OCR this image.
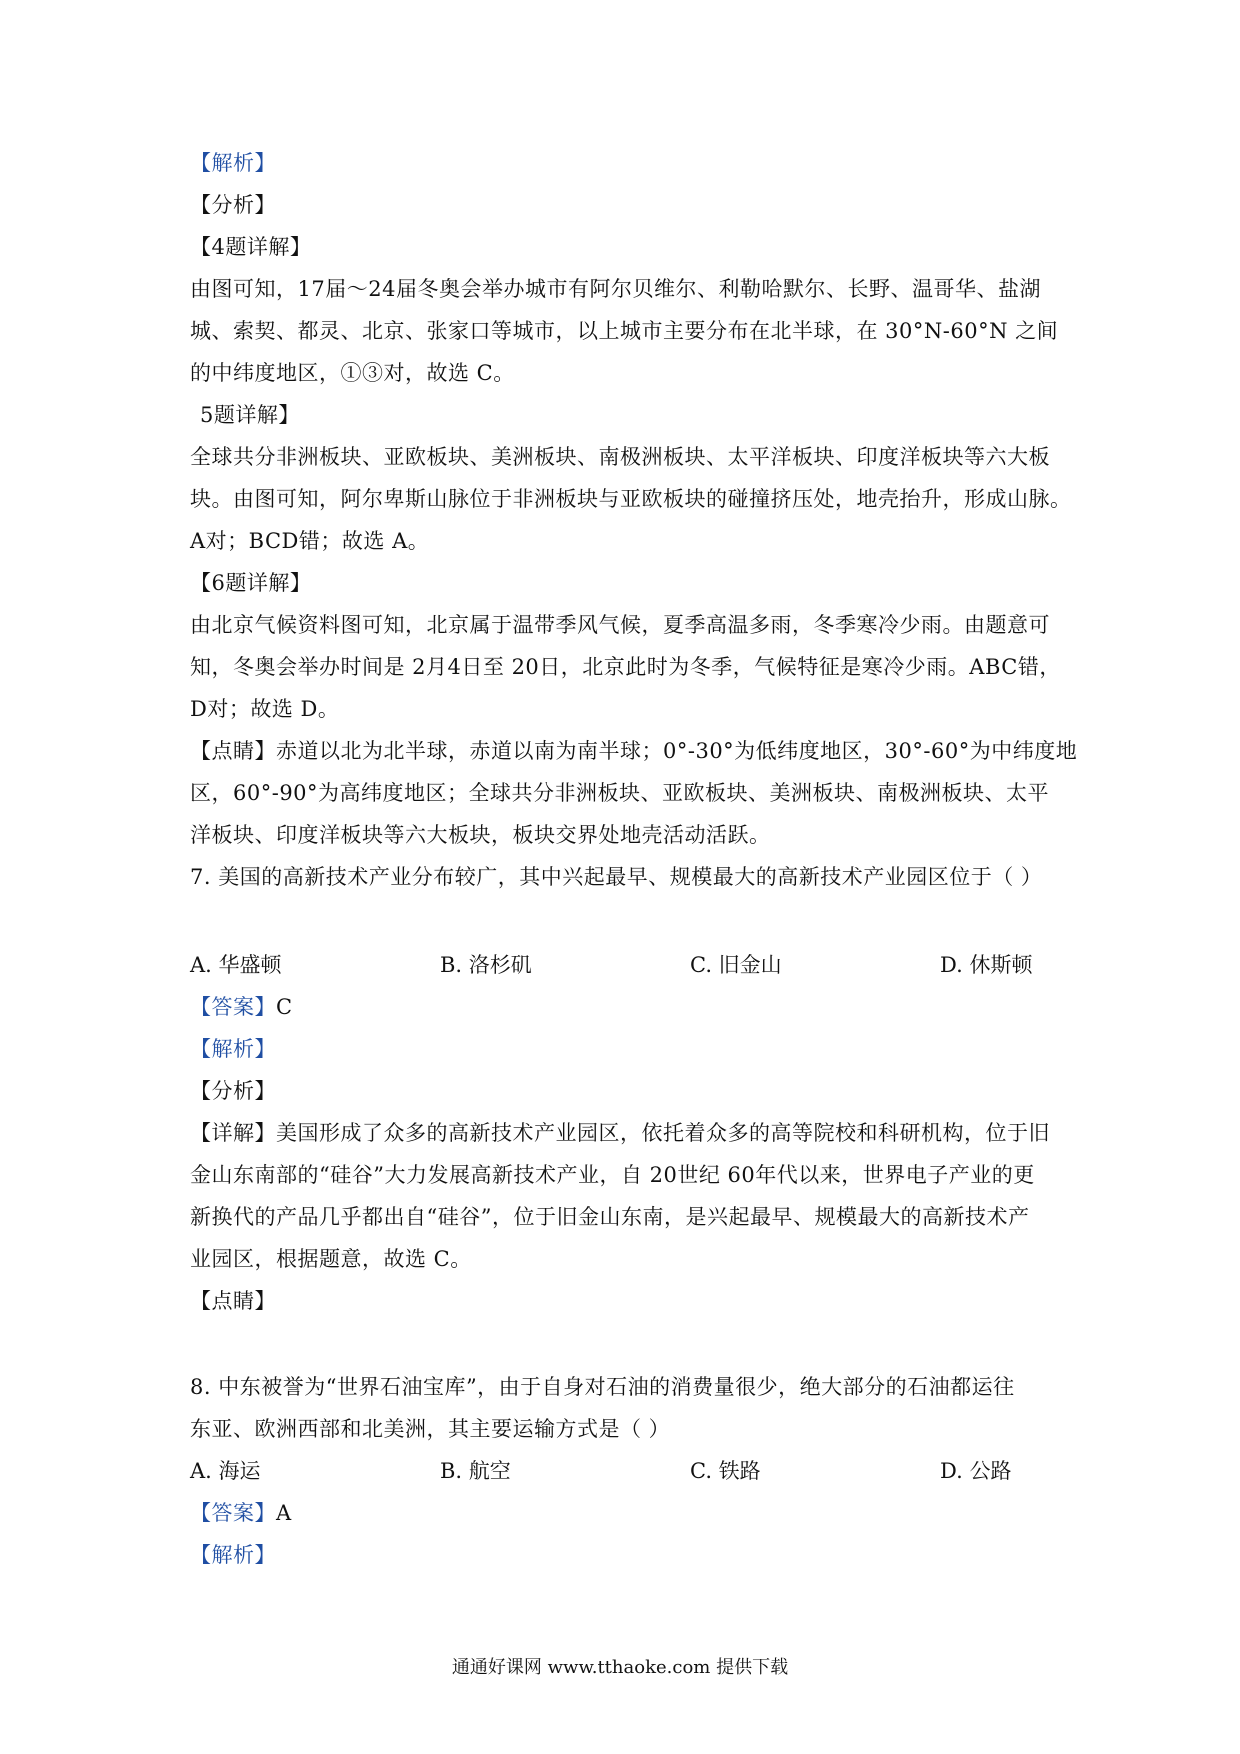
【解析】
【分析】
【4题详解】
由图可知，17届～24届冬奥会举办城市有阿尔贝维尔、利勒哈默尔、长野、温哥华、盐湖
城、索契、都灵、北京、张家口等城市，以上城市主要分布在北半球，在 30°N-60°N 之间
的中纬度地区，①③对，故选 C。
5题详解】
全球共分非洲板块、亚欧板块、美洲板块、南极洲板块、太平洋板块、印度洋板块等六大板
块。由图可知，阿尔卑斯山脉位于非洲板块与亚欧板块的碰撞挤压处，地壳抬升，形成山脉。
A对；BCD错；故选 A。
【6题详解】
由北京气候资料图可知，北京属于温带季风气候，夏季高温多雨，冬季寒冷少雨。由题意可
知，冬奥会举办时间是 2月4日至 20日，北京此时为冬季，气候特征是寒冷少雨。ABC错，
D对；故选 D。
【点睛】赤道以北为北半球，赤道以南为南半球；0°-30°为低纬度地区，30°-60°为中纬度地
区，60°-90°为高纬度地区；全球共分非洲板块、亚欧板块、美洲板块、南极洲板块、太平
洋板块、印度洋板块等六大板块，板块交界处地壳活动活跃。
7. 美国的高新技术产业分布较广，其中兴起最早、规模最大的高新技术产业园区位于（ ）
A. 华盛顿	B. 洛杉矶	C. 旧金山	D. 休斯顿
【答案】C
【解析】
【分析】
【详解】美国形成了众多的高新技术产业园区，依托着众多的高等院校和科研机构，位于旧
金山东南部的“硅谷”大力发展高新技术产业，自 20世纪 60年代以来，世界电子产业的更
新换代的产品几乎都出自“硅谷”，位于旧金山东南，是兴起最早、规模最大的高新技术产
业园区，根据题意，故选 C。
【点睛】
8. 中东被誉为“世界石油宝库”，由于自身对石油的消费量很少，绝大部分的石油都运往
东亚、欧洲西部和北美洲，其主要运输方式是（ ）
A. 海运	B. 航空	C. 铁路	D. 公路
【答案】A
【解析】
通通好课网 www.tthaoke.com 提供下载
